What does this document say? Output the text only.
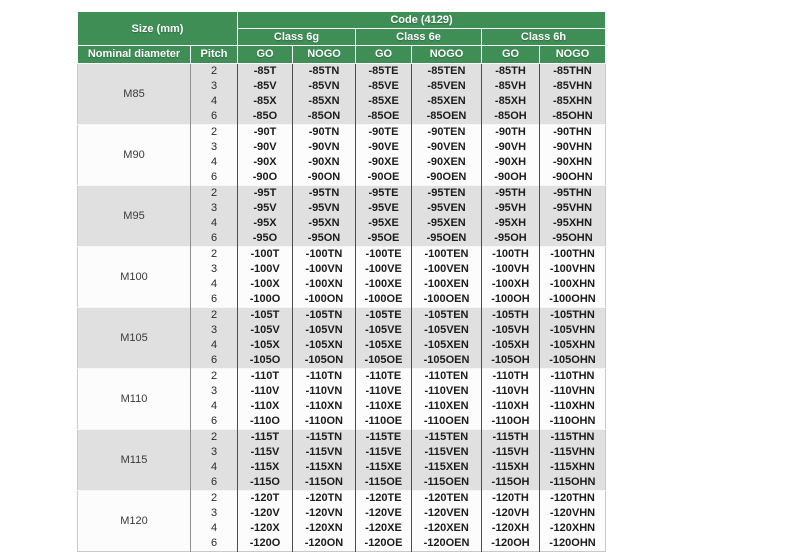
Size (mm)		Code (4129)					
		Class 6g		Class 6e		Class 6h	
Nominal diameter	Pitch	GO	NOGO	GO	NOGO	GO	NOGO
M85	2	-85T	-85TN	-85TE	-85TEN	-85TH	-85THN
	3	-85V	-85VN	-85VE	-85VEN	-85VH	-85VHN
	4	-85X	-85XN	-85XE	-85XEN	-85XH	-85XHN
	6	-85O	-85ON	-85OE	-85OEN	-85OH	-85OHN
M90	2	-90T	-90TN	-90TE	-90TEN	-90TH	-90THN
	3	-90V	-90VN	-90VE	-90VEN	-90VH	-90VHN
	4	-90X	-90XN	-90XE	-90XEN	-90XH	-90XHN
	6	-90O	-90ON	-90OE	-90OEN	-90OH	-90OHN
M95	2	-95T	-95TN	-95TE	-95TEN	-95TH	-95THN
	3	-95V	-95VN	-95VE	-95VEN	-95VH	-95VHN
	4	-95X	-95XN	-95XE	-95XEN	-95XH	-95XHN
	6	-95O	-95ON	-95OE	-95OEN	-95OH	-95OHN
M100	2	-100T	-100TN	-100TE	-100TEN	-100TH	-100THN
	3	-100V	-100VN	-100VE	-100VEN	-100VH	-100VHN
	4	-100X	-100XN	-100XE	-100XEN	-100XH	-100XHN
	6	-100O	-100ON	-100OE	-100OEN	-100OH	-100OHN
M105	2	-105T	-105TN	-105TE	-105TEN	-105TH	-105THN
	3	-105V	-105VN	-105VE	-105VEN	-105VH	-105VHN
	4	-105X	-105XN	-105XE	-105XEN	-105XH	-105XHN
	6	-105O	-105ON	-105OE	-105OEN	-105OH	-105OHN
M110	2	-110T	-110TN	-110TE	-110TEN	-110TH	-110THN
	3	-110V	-110VN	-110VE	-110VEN	-110VH	-110VHN
	4	-110X	-110XN	-110XE	-110XEN	-110XH	-110XHN
	6	-110O	-110ON	-110OE	-110OEN	-110OH	-110OHN
M115	2	-115T	-115TN	-115TE	-115TEN	-115TH	-115THN
	3	-115V	-115VN	-115VE	-115VEN	-115VH	-115VHN
	4	-115X	-115XN	-115XE	-115XEN	-115XH	-115XHN
	6	-115O	-115ON	-115OE	-115OEN	-115OH	-115OHN
M120	2	-120T	-120TN	-120TE	-120TEN	-120TH	-120THN
	3	-120V	-120VN	-120VE	-120VEN	-120VH	-120VHN
	4	-120X	-120XN	-120XE	-120XEN	-120XH	-120XHN
	6	-120O	-120ON	-120OE	-120OEN	-120OH	-120OHN
